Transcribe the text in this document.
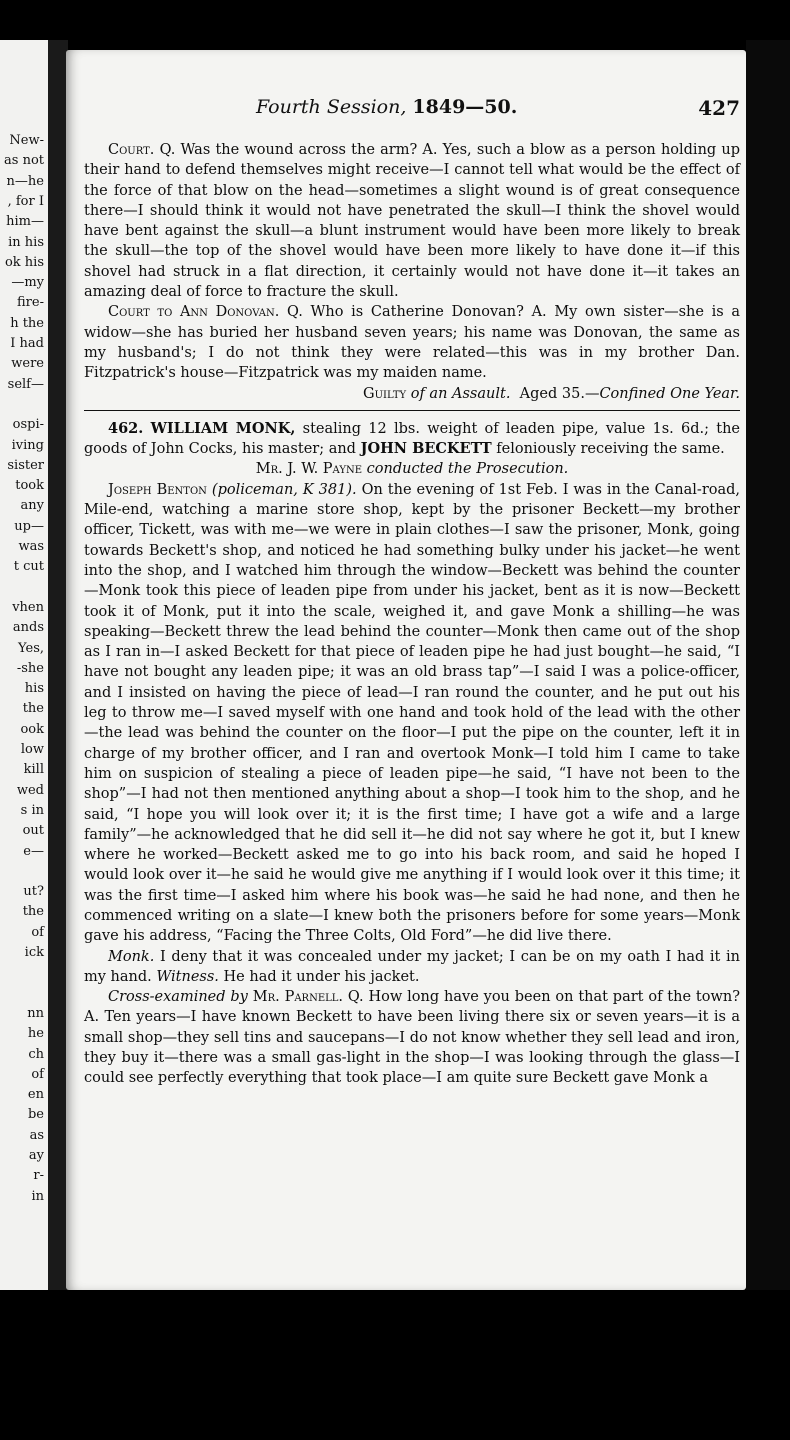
New-
as not
n—he
, for I
him—
in his
ok his
—my
fire-
h the
I had
were
self—
ospi-
iving
sister
took
any
up—
was
t cut
vhen
ands
Yes,
-she
his
the
ook
low
kill
wed
s in
out
e—
ut?
the
of
ick
nn
he
ch
of
en
be
as
ay
r-
in
Fourth Session, 1849—50.	427

Court. Q. Was the wound across the arm? A. Yes, such a blow as a person holding up their hand to defend themselves might receive—I cannot tell what would be the effect of the force of that blow on the head—sometimes a slight wound is of great consequence there—I should think it would not have penetrated the skull—I think the shovel would have bent against the skull—a blunt instrument would have been more likely to break the skull—the top of the shovel would have been more likely to have done it—if this shovel had struck in a flat direction, it certainly would not have done it—it takes an amazing deal of force to fracture the skull.

Court to Ann Donovan. Q. Who is Catherine Donovan? A. My own sister—she is a widow—she has buried her husband seven years; his name was Donovan, the same as my husband's; I do not think they were related—this was in my brother Dan. Fitzpatrick's house—Fitzpatrick was my maiden name.

Guilty of an Assault. Aged 35.—Confined One Year.

462. WILLIAM MONK, stealing 12 lbs. weight of leaden pipe, value 1s. 6d.; the goods of John Cocks, his master; and JOHN BECKETT feloniously receiving the same.

Mr. J. W. Payne conducted the Prosecution.

Joseph Benton (policeman, K 381). On the evening of 1st Feb. I was in the Canal-road, Mile-end, watching a marine store shop, kept by the prisoner Beckett—my brother officer, Tickett, was with me—we were in plain clothes—I saw the prisoner, Monk, going towards Beckett's shop, and noticed he had something bulky under his jacket—he went into the shop, and I watched him through the window—Beckett was behind the counter—Monk took this piece of leaden pipe from under his jacket, bent as it is now—Beckett took it of Monk, put it into the scale, weighed it, and gave Monk a shilling—he was speaking—Beckett threw the lead behind the counter—Monk then came out of the shop as I ran in—I asked Beckett for that piece of leaden pipe he had just bought—he said, “I have not bought any leaden pipe; it was an old brass tap”—I said I was a police-officer, and I insisted on having the piece of lead—I ran round the counter, and he put out his leg to throw me—I saved myself with one hand and took hold of the lead with the other—the lead was behind the counter on the floor—I put the pipe on the counter, left it in charge of my brother officer, and I ran and overtook Monk—I told him I came to take him on suspicion of stealing a piece of leaden pipe—he said, “I have not been to the shop”—I had not then mentioned anything about a shop—I took him to the shop, and he said, “I hope you will look over it; it is the first time; I have got a wife and a large family”—he acknowledged that he did sell it—he did not say where he got it, but I knew where he worked—Beckett asked me to go into his back room, and said he hoped I would look over it—he said he would give me anything if I would look over it this time; it was the first time—I asked him where his book was—he said he had none, and then he commenced writing on a slate—I knew both the prisoners before for some years—Monk gave his address, “Facing the Three Colts, Old Ford”—he did live there.

Monk. I deny that it was concealed under my jacket; I can be on my oath I had it in my hand. Witness. He had it under his jacket.

Cross-examined by Mr. Parnell. Q. How long have you been on that part of the town? A. Ten years—I have known Beckett to have been living there six or seven years—it is a small shop—they sell tins and saucepans—I do not know whether they sell lead and iron, they buy it—there was a small gas-light in the shop—I was looking through the glass—I could see perfectly everything that took place—I am quite sure Beckett gave Monk a
